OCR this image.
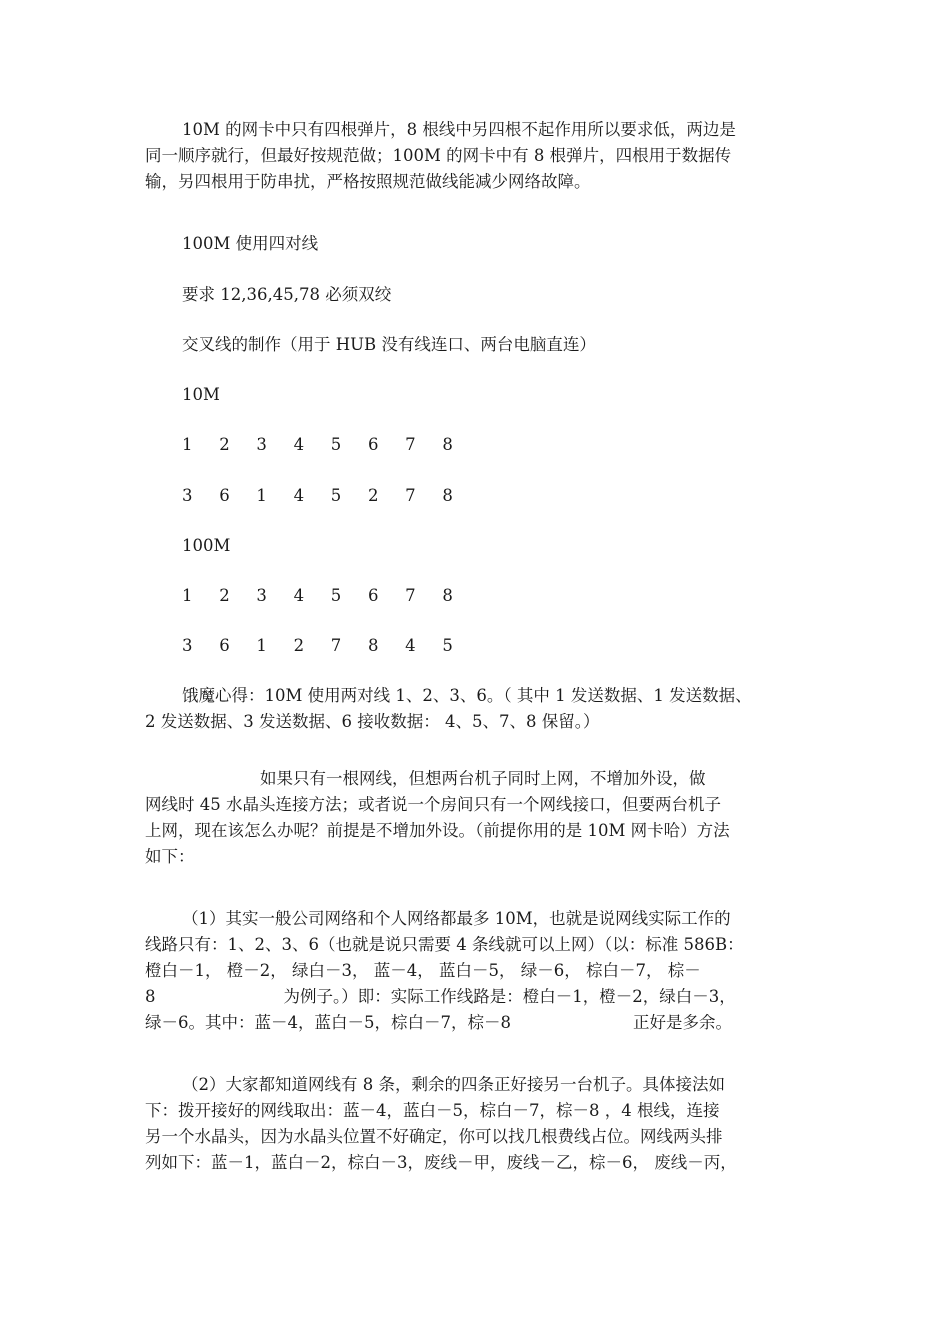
10M 的网卡中只有四根弹片，8 根线中另四根不起作用所以要求低，两边是
同一顺序就行，但最好按规范做；100M 的网卡中有 8 根弹片，四根用于数据传
输，另四根用于防串扰，严格按照规范做线能减少网络故障。

100M 使用四对线

要求 12,36,45,78 必须双绞

交叉线的制作（用于 HUB 没有线连口、两台电脑直连）

10M

1 2 3 4 5 6 7 8

3 6 1 4 5 2 7 8

100M

1 2 3 4 5 6 7 8

3 6 1 2 7 8 4 5

饿魔心得：10M 使用两对线 1、2、3、6。（ 其中 1 发送数据、1 发送数据、
2 发送数据、3 发送数据、6 接收数据： 4、5、7、8 保留。）

如果只有一根网线，但想两台机子同时上网，不增加外设，做
网线时 45 水晶头连接方法；或者说一个房间只有一个网线接口，但要两台机子
上网，现在该怎么办呢？前提是不增加外设。（前提你用的是 10M 网卡哈）方法
如下：

（1）其实一般公司网络和个人网络都最多 10M，也就是说网线实际工作的
线路只有：1、2、3、6（也就是说只需要 4 条线就可以上网）（以：标准 586B：
橙白－1， 橙－2， 绿白－3， 蓝－4， 蓝白－5， 绿－6， 棕白－7， 棕－
8	为例子。）即：实际工作线路是：橙白－1，橙－2，绿白－3，
绿－6。其中：蓝－4，蓝白－5，棕白－7，棕－8	正好是多余。

（2）大家都知道网线有 8 条，剩余的四条正好接另一台机子。具体接法如
下：拨开接好的网线取出：蓝－4，蓝白－5，棕白－7，棕－8 ，4 根线，连接
另一个水晶头，因为水晶头位置不好确定，你可以找几根费线占位。网线两头排
列如下：蓝－1，蓝白－2，棕白－3，废线－甲，废线－乙，棕－6， 废线－丙，
